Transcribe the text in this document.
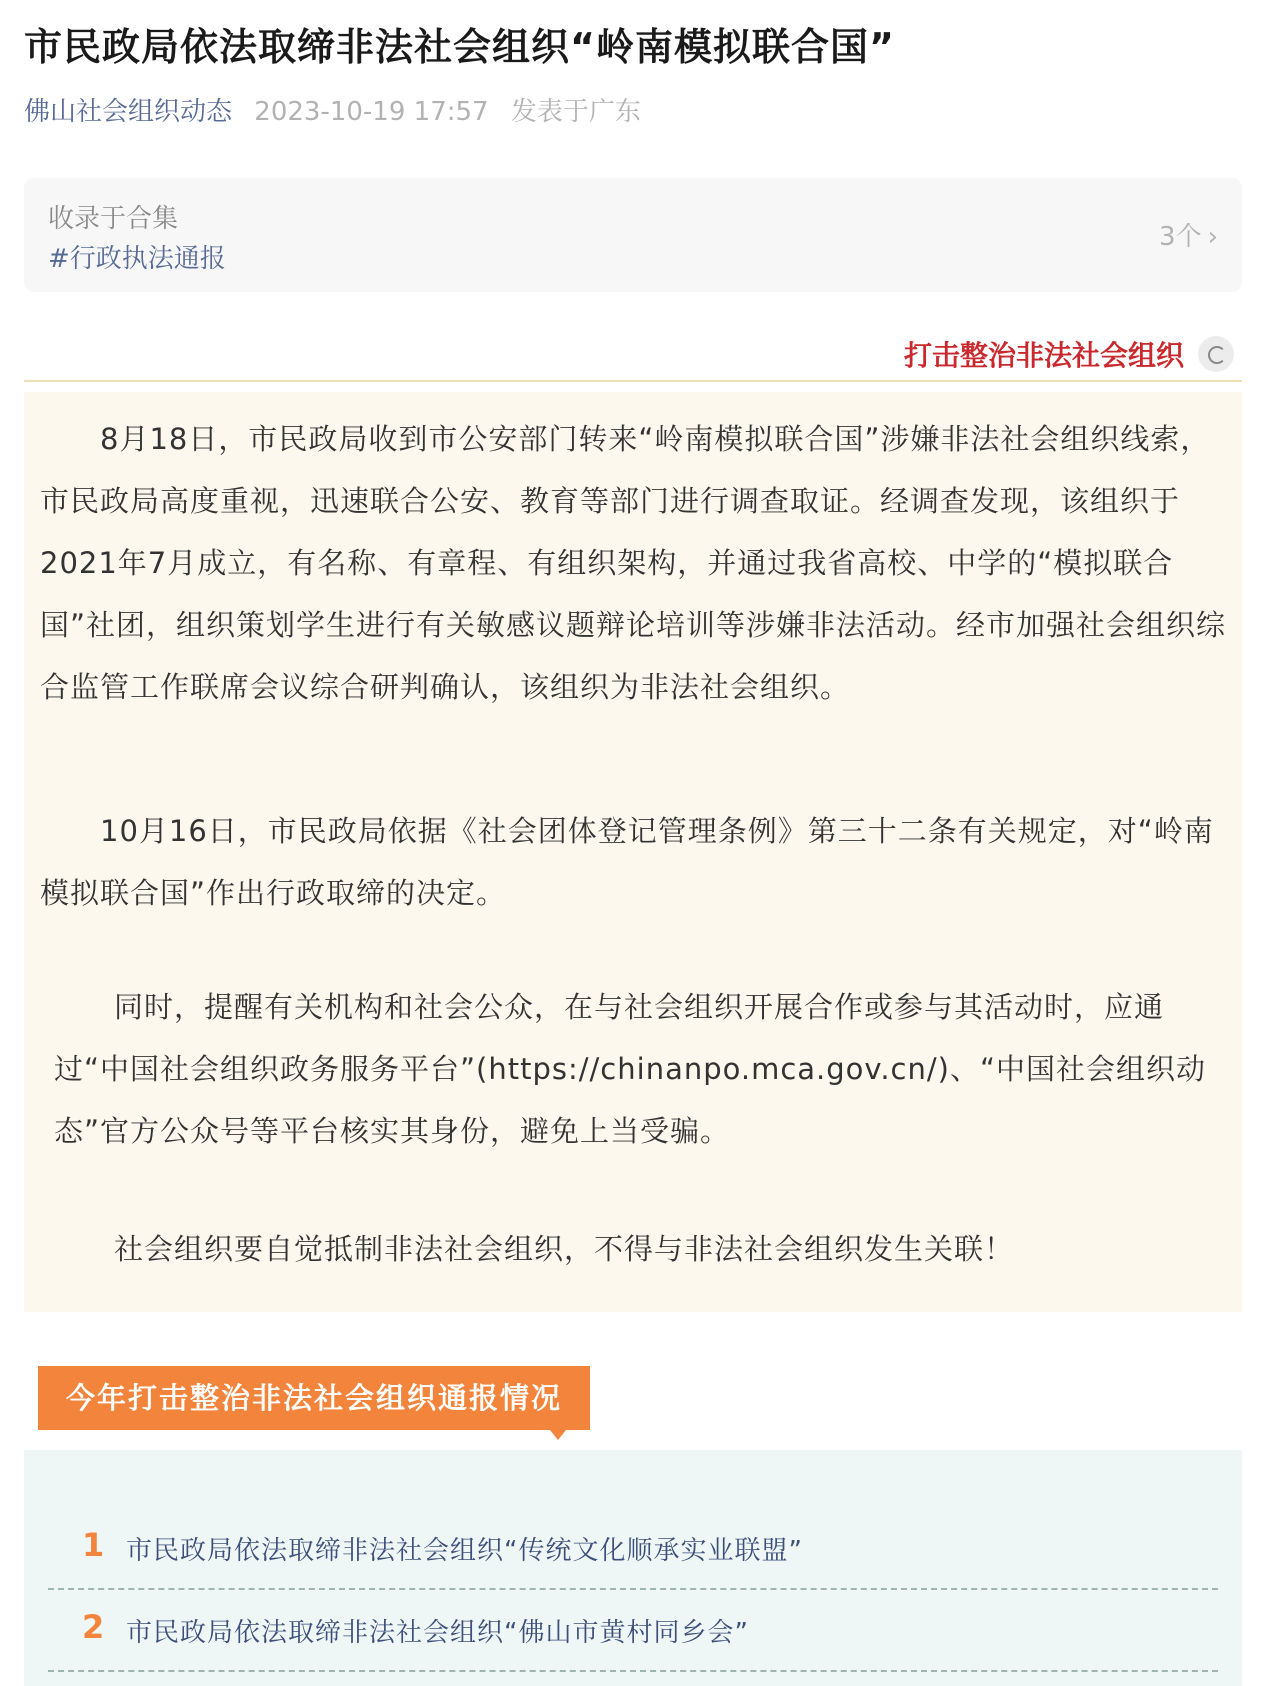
市民政局依法取缔非法社会组织“岭南模拟联合国”
佛山社会组织动态 2023-10-19 17:57 发表于广东
收录于合集
#行政执法通报
3个 ›
打击整治非法社会组织

8月18日，市民政局收到市公安部门转来“岭南模拟联合国”涉嫌非法社会组织线索，市民政局高度重视，迅速联合公安、教育等部门进行调查取证。经调查发现，该组织于2021年7月成立，有名称、有章程、有组织架构，并通过我省高校、中学的“模拟联合国”社团，组织策划学生进行有关敏感议题辩论培训等涉嫌非法活动。经市加强社会组织综合监管工作联席会议综合研判确认，该组织为非法社会组织。

10月16日，市民政局依据《社会团体登记管理条例》第三十二条有关规定，对“岭南模拟联合国”作出行政取缔的决定。

同时，提醒有关机构和社会公众，在与社会组织开展合作或参与其活动时，应通过“中国社会组织政务服务平台”(https://chinanpo.mca.gov.cn/)、“中国社会组织动态”官方公众号等平台核实其身份，避免上当受骗。

社会组织要自觉抵制非法社会组织，不得与非法社会组织发生关联！

今年打击整治非法社会组织通报情况
1 市民政局依法取缔非法社会组织“传统文化顺承实业联盟”
2 市民政局依法取缔非法社会组织“佛山市黄村同乡会”
